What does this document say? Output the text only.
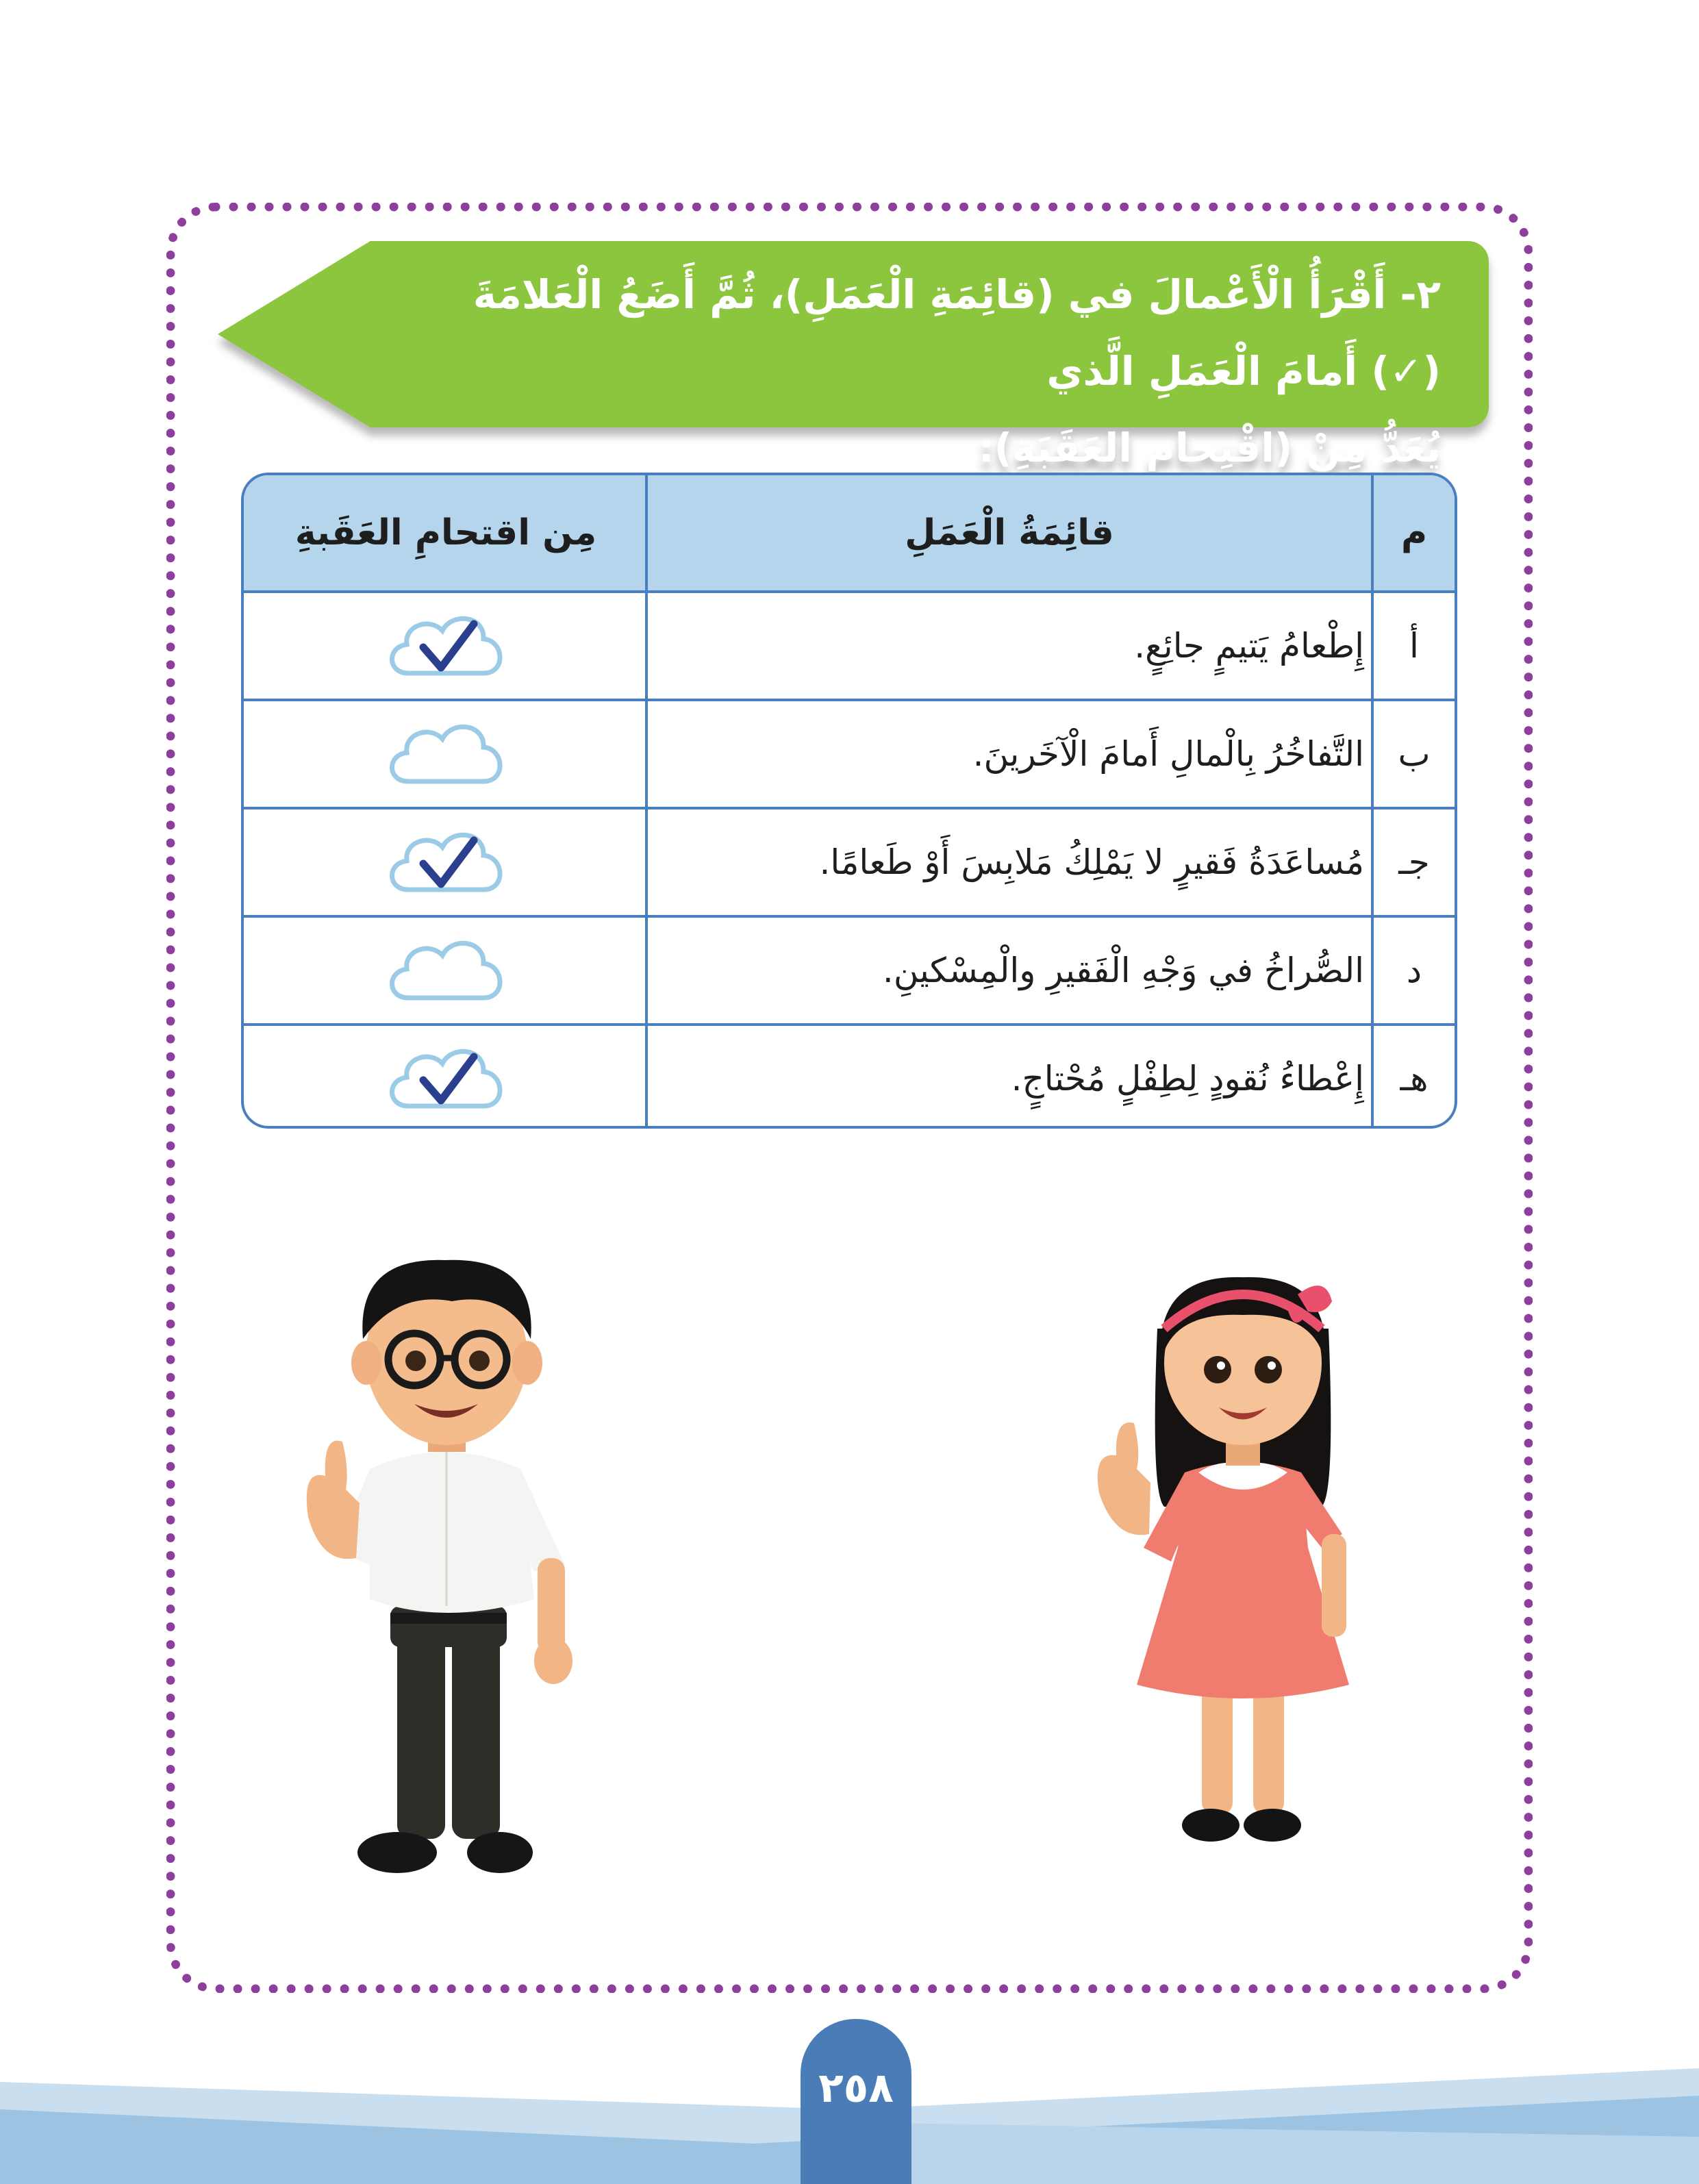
٢- أَقْرَأُ الْأَعْمالَ في (قائِمَةِ الْعَمَلِ)، ثُمَّ أَضَعُ الْعَلامَةَ (✓) أَمامَ الْعَمَلِ الَّذي
يُعَدُّ مِنْ (اقْتِحامِ العَقَبَةِ):
م
قائِمَةُ الْعَمَلِ
مِن اقتحامِ العَقَبةِ
أ
إِطْعامُ يَتيمٍ جائِعٍ.
ب
التَّفاخُرُ بِالْمالِ أَمامَ الْآخَرينَ.
جـ
مُساعَدَةُ فَقيرٍ لا يَمْلِكُ مَلابِسَ أَوْ طَعامًا.
د
الصُّراخُ في وَجْهِ الْفَقيرِ والْمِسْكينِ.
هـ
إِعْطاءُ نُقودٍ لِطِفْلٍ مُحْتاجٍ.
٢٥٨
